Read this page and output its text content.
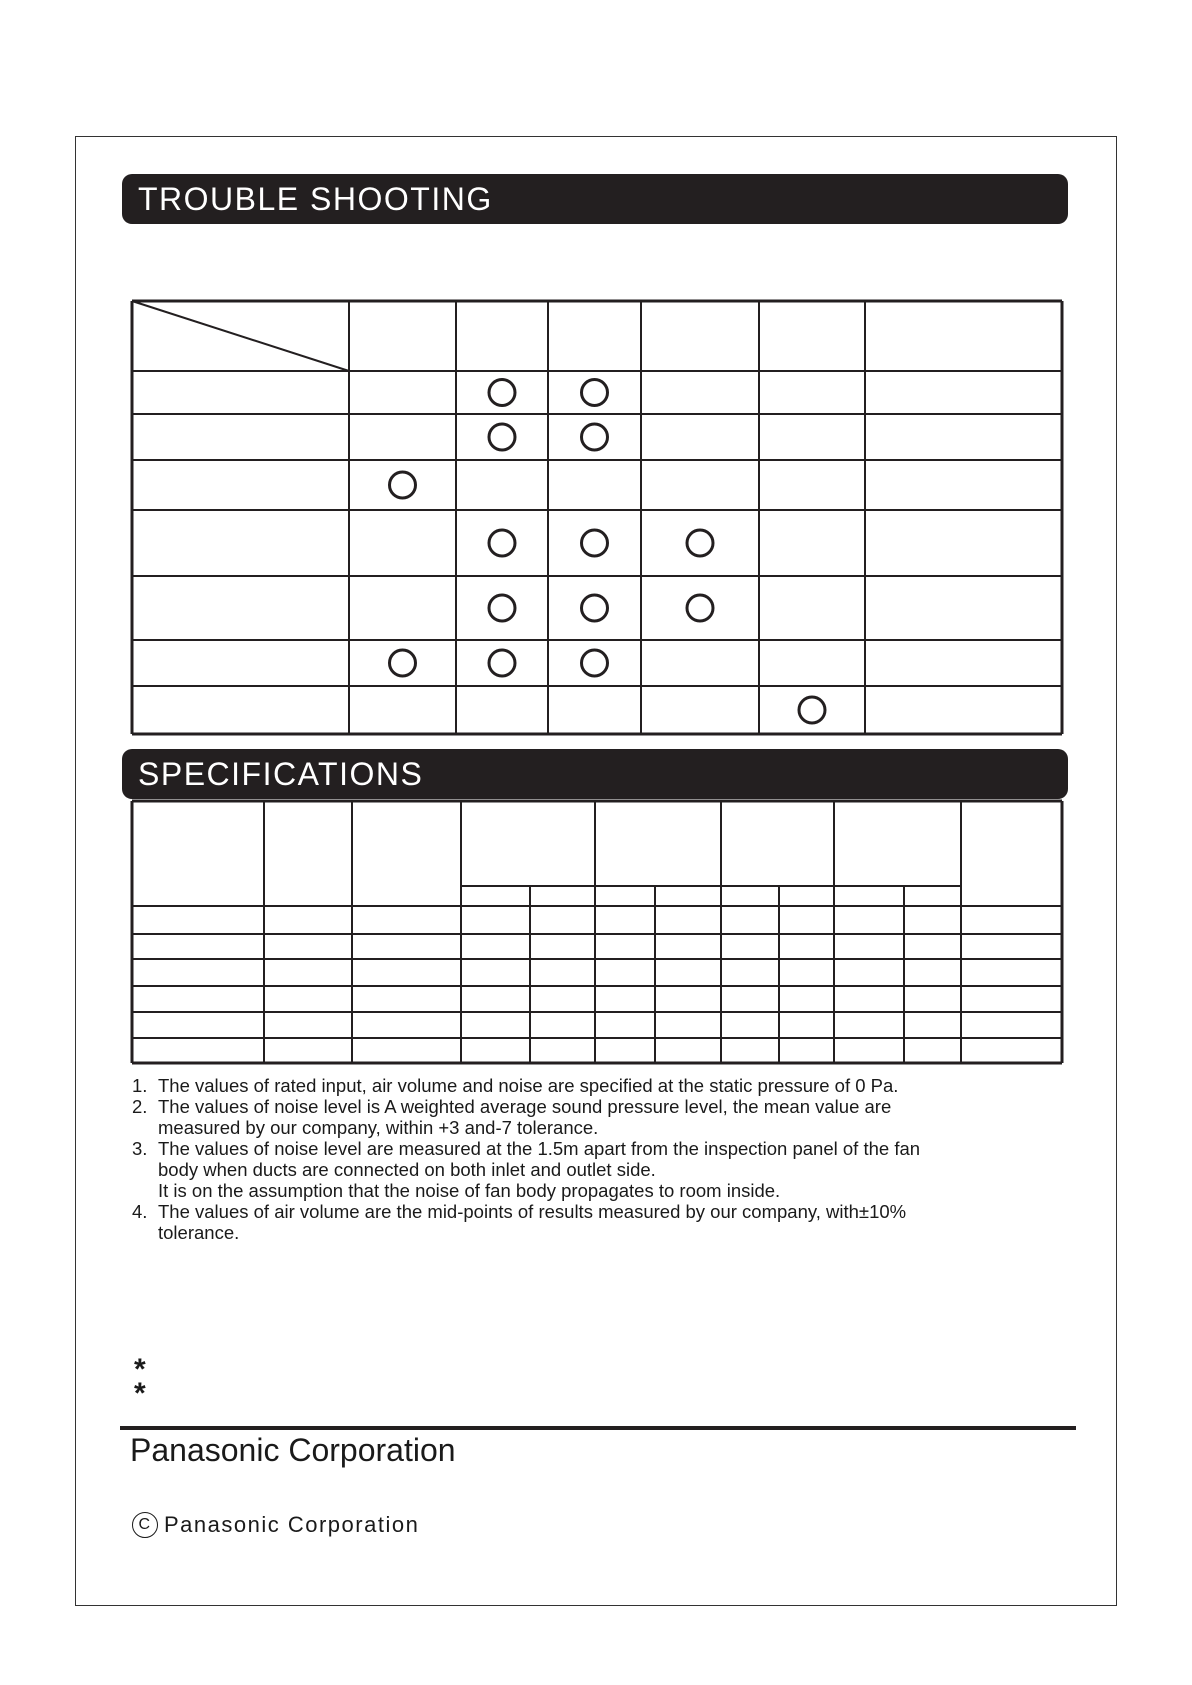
TROUBLE SHOOTING
SPECIFICATIONS
1. The values of rated input, air volume and noise are specified at the static pressure of 0 Pa.

2. The values of noise level is A weighted average sound pressure level, the mean value are

measured by our company, within +3 and-7 tolerance.

3. The values of noise level are measured at the 1.5m apart from the inspection panel of the fan

body when ducts are connected on both inlet and outlet side.

It is on the assumption that the noise of fan body propagates to room inside.

4. The values of air volume are the mid-points of results measured by our company, with±10%

tolerance.

*
*
Panasonic Corporation
C Panasonic Corporation
